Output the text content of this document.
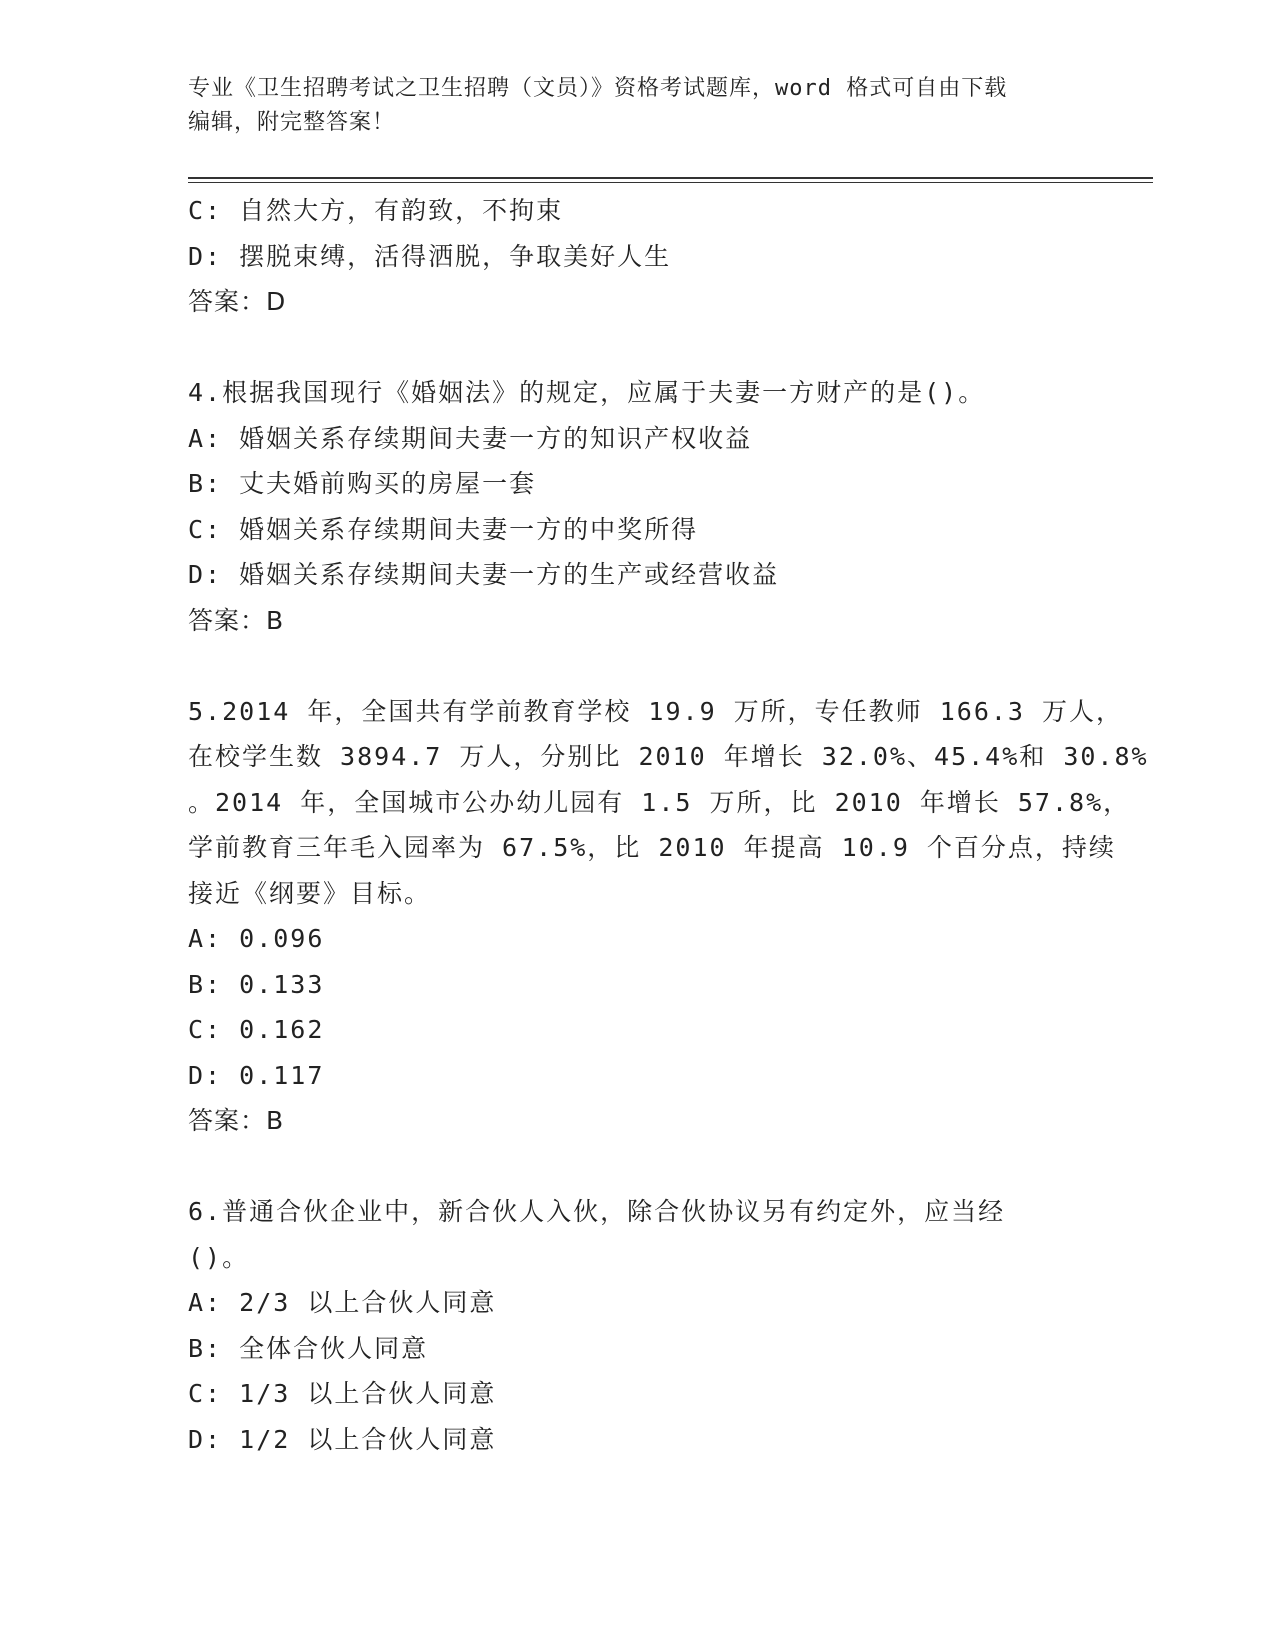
专业《卫生招聘考试之卫生招聘（文员）》资格考试题库，word 格式可自由下载
编辑，附完整答案！
C: 自然大方，有韵致，不拘束
D: 摆脱束缚，活得洒脱，争取美好人生
答案：D
4.根据我国现行《婚姻法》的规定，应属于夫妻一方财产的是()。
A: 婚姻关系存续期间夫妻一方的知识产权收益
B: 丈夫婚前购买的房屋一套
C: 婚姻关系存续期间夫妻一方的中奖所得
D: 婚姻关系存续期间夫妻一方的生产或经营收益
答案：B
5.2014 年，全国共有学前教育学校 19.9 万所，专任教师 166.3 万人，
在校学生数 3894.7 万人，分别比 2010 年增长 32.0%、45.4%和 30.8%
。2014 年，全国城市公办幼儿园有 1.5 万所，比 2010 年增长 57.8%，
学前教育三年毛入园率为 67.5%，比 2010 年提高 10.9 个百分点，持续
接近《纲要》目标。
A: 0.096
B: 0.133
C: 0.162
D: 0.117
答案：B
6.普通合伙企业中，新合伙人入伙，除合伙协议另有约定外，应当经
()。
A: 2/3 以上合伙人同意
B: 全体合伙人同意
C: 1/3 以上合伙人同意
D: 1/2 以上合伙人同意
